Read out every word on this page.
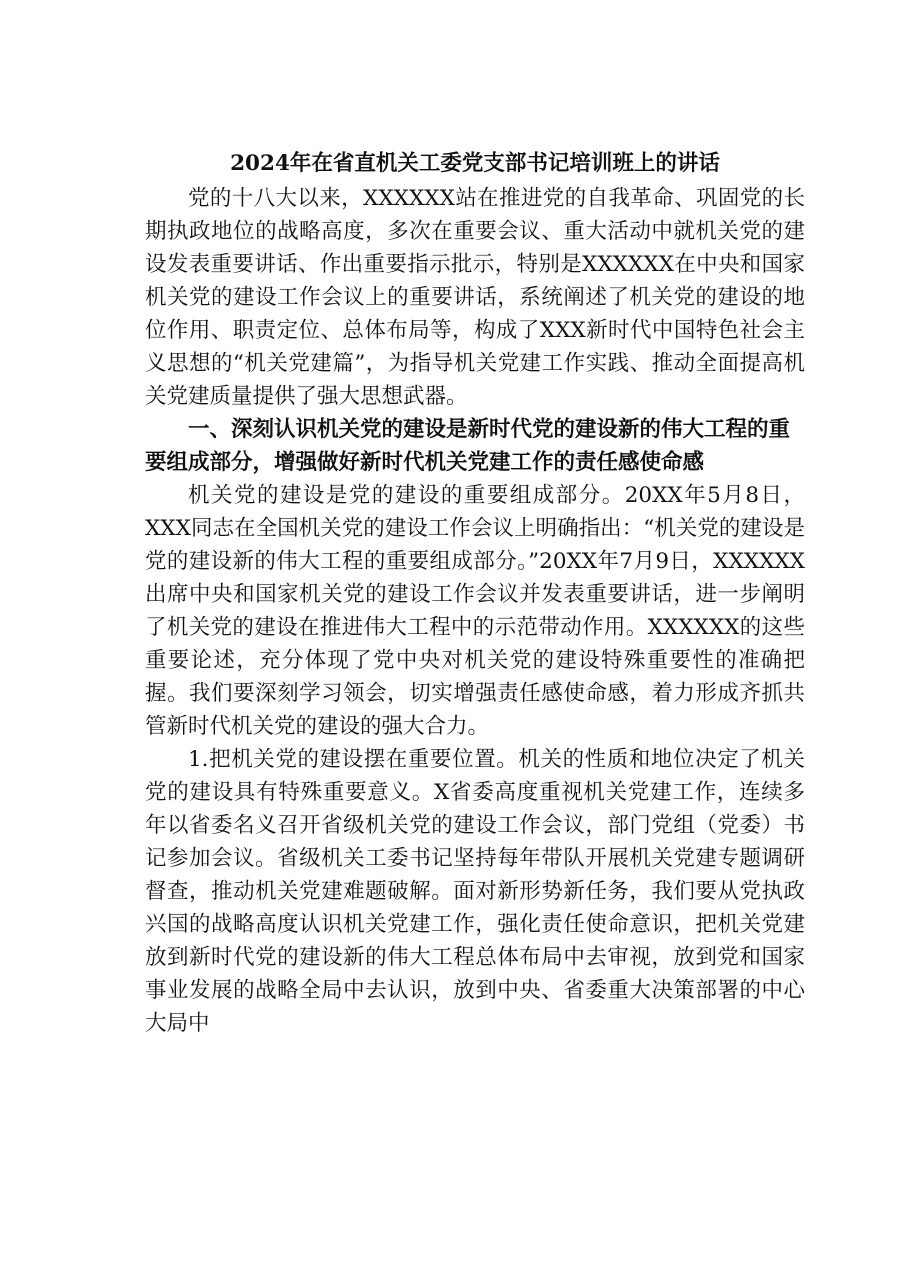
2024年在省直机关工委党支部书记培训班上的讲话

党的十八大以来，XXXXXX站在推进党的自我革命、巩固党的长期执政地位的战略高度，多次在重要会议、重大活动中就机关党的建设发表重要讲话、作出重要指示批示，特别是XXXXXX在中央和国家机关党的建设工作会议上的重要讲话，系统阐述了机关党的建设的地位作用、职责定位、总体布局等，构成了XXX新时代中国特色社会主义思想的“机关党建篇”，为指导机关党建工作实践、推动全面提高机关党建质量提供了强大思想武器。

一、深刻认识机关党的建设是新时代党的建设新的伟大工程的重要组成部分，增强做好新时代机关党建工作的责任感使命感

机关党的建设是党的建设的重要组成部分。20XX年5月8日，XXX同志在全国机关党的建设工作会议上明确指出：“机关党的建设是党的建设新的伟大工程的重要组成部分。”20XX年7月9日，XXXXXX出席中央和国家机关党的建设工作会议并发表重要讲话，进一步阐明了机关党的建设在推进伟大工程中的示范带动作用。XXXXXX的这些重要论述，充分体现了党中央对机关党的建设特殊重要性的准确把握。我们要深刻学习领会，切实增强责任感使命感，着力形成齐抓共管新时代机关党的建设的强大合力。

1.把机关党的建设摆在重要位置。机关的性质和地位决定了机关党的建设具有特殊重要意义。X省委高度重视机关党建工作，连续多年以省委名义召开省级机关党的建设工作会议，部门党组（党委）书记参加会议。省级机关工委书记坚持每年带队开展机关党建专题调研督查，推动机关党建难题破解。面对新形势新任务，我们要从党执政兴国的战略高度认识机关党建工作，强化责任使命意识，把机关党建放到新时代党的建设新的伟大工程总体布局中去审视，放到党和国家事业发展的战略全局中去认识，放到中央、省委重大决策部署的中心大局中
